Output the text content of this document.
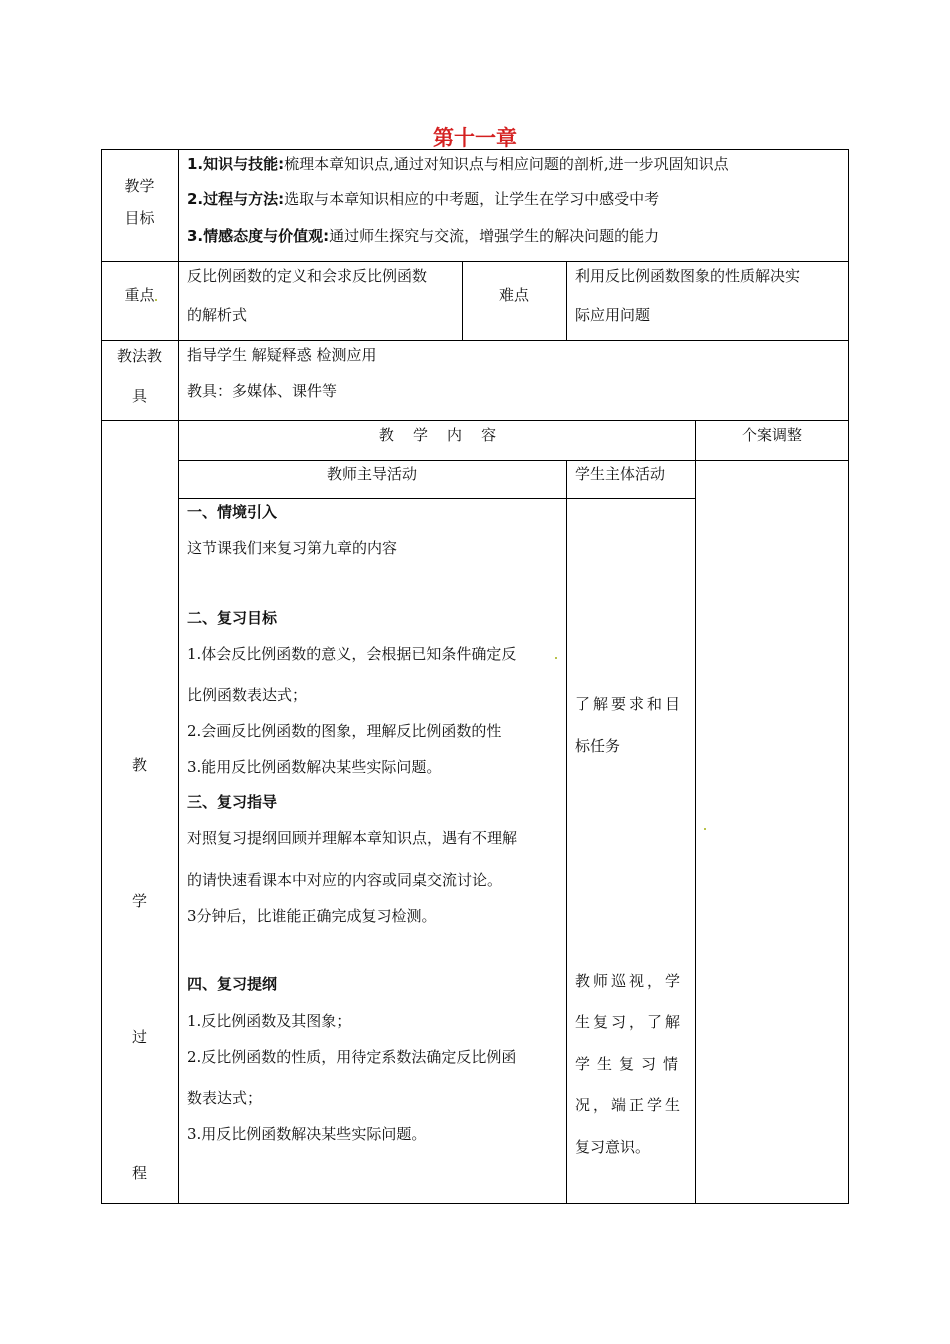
第十一章
教学
目标
1.知识与技能:梳理本章知识点,通过对知识点与相应问题的剖析,进一步巩固知识点
2.过程与方法:选取与本章知识相应的中考题，让学生在学习中感受中考
3.情感态度与价值观:通过师生探究与交流，增强学生的解决问题的能力
重点
反比例函数的定义和会求反比例函数
的解析式
难点
利用反比例函数图象的性质解决实
际应用问题
教法教
具
指导学生 解疑释惑 检测应用
教具：多媒体、课件等
教
学
过
程
教    学    内    容	个案调整
教师主导活动	学生主体活动
一、情境引入
这节课我们来复习第九章的内容
二、复习目标
1.体会反比例函数的意义，会根据已知条件确定反
比例函数表达式；
2.会画反比例函数的图象，理解反比例函数的性
3.能用反比例函数解决某些实际问题。
三、复习指导
对照复习提纲回顾并理解本章知识点，遇有不理解
的请快速看课本中对应的内容或同桌交流讨论。
3分钟后，比谁能正确完成复习检测。
四、复习提纲
1.反比例函数及其图象；
2.反比例函数的性质，用待定系数法确定反比例函
数表达式；
3.用反比例函数解决某些实际问题。
了解要求和目
标任务
教师巡视，学
生复习，了解
学生复习情
况，端正学生
复习意识。
